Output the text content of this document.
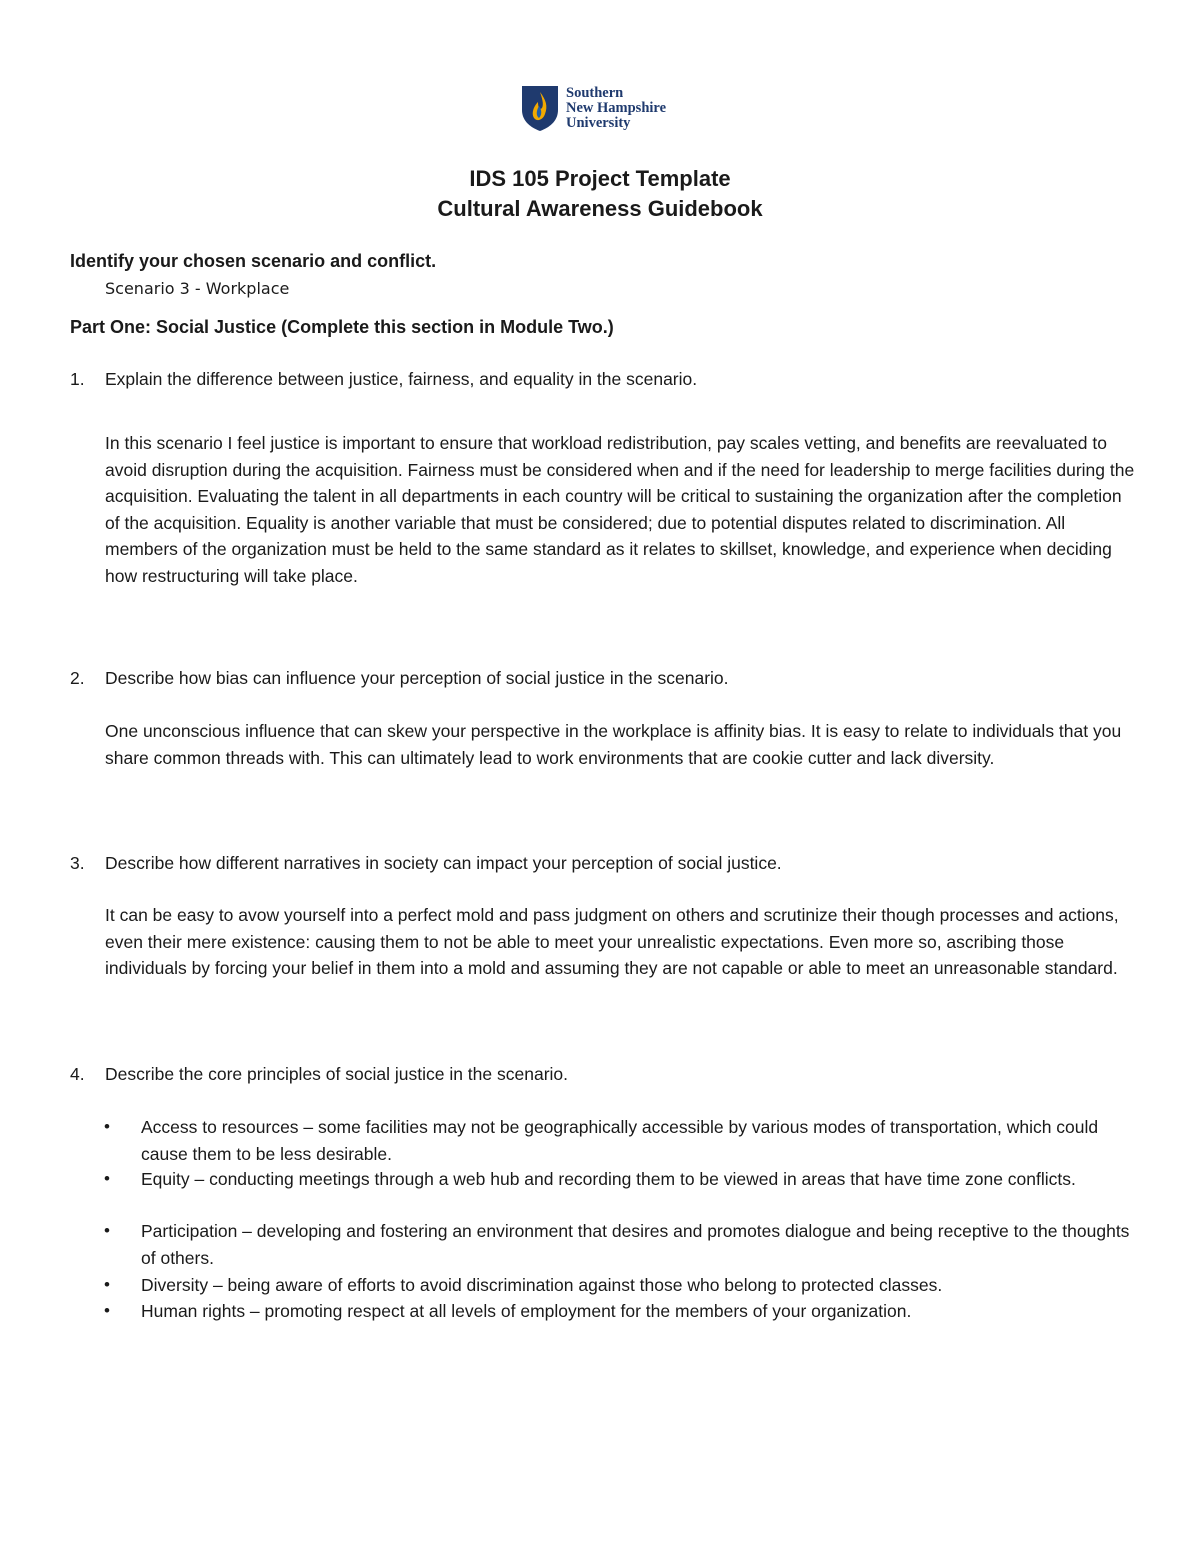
Southern
New Hampshire
University
IDS 105 Project Template
Cultural Awareness Guidebook
Identify your chosen scenario and conflict.

Scenario 3 - Workplace

Part One: Social Justice (Complete this section in Module Two.)
1. Explain the difference between justice, fairness, and equality in the scenario.

In this scenario I feel justice is important to ensure that workload redistribution, pay scales vetting, and benefits are reevaluated to avoid disruption during the acquisition. Fairness must be considered when and if the need for leadership to merge facilities during the acquisition. Evaluating the talent in all departments in each country will be critical to sustaining the organization after the completion of the acquisition. Equality is another variable that must be considered; due to potential disputes related to discrimination. All members of the organization must be held to the same standard as it relates to skillset, knowledge, and experience when deciding how restructuring will take place.

2. Describe how bias can influence your perception of social justice in the scenario.

One unconscious influence that can skew your perspective in the workplace is affinity bias. It is easy to relate to individuals that you share common threads with. This can ultimately lead to work environments that are cookie cutter and lack diversity.

3. Describe how different narratives in society can impact your perception of social justice.

It can be easy to avow yourself into a perfect mold and pass judgment on others and scrutinize their though processes and actions, even their mere existence: causing them to not be able to meet your unrealistic expectations. Even more so, ascribing those individuals by forcing your belief in them into a mold and assuming they are not capable or able to meet an unreasonable standard.

4. Describe the core principles of social justice in the scenario.

• Access to resources – some facilities may not be geographically accessible by various modes of transportation, which could cause them to be less desirable.

• Equity – conducting meetings through a web hub and recording them to be viewed in areas that have time zone conflicts.

• Participation – developing and fostering an environment that desires and promotes dialogue and being receptive to the thoughts of others.

• Diversity – being aware of efforts to avoid discrimination against those who belong to protected classes.

• Human rights – promoting respect at all levels of employment for the members of your organization.
